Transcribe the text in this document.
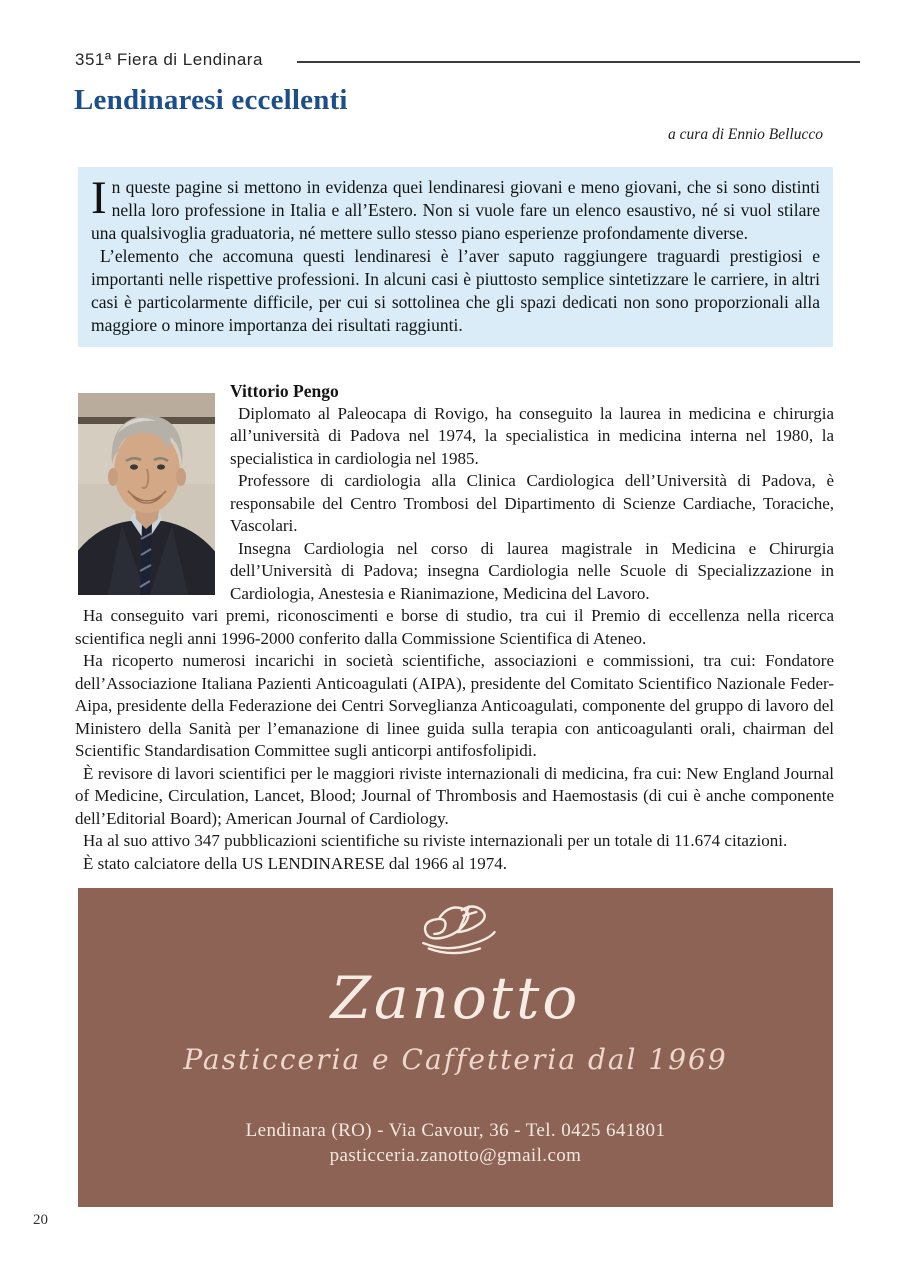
351ª Fiera di Lendinara
Lendinaresi eccellenti
a cura di Ennio Bellucco

In queste pagine si mettono in evidenza quei lendinaresi giovani e meno giovani, che si sono distinti nella loro professione in Italia e all’Estero. Non si vuole fare un elenco esaustivo, né si vuol stilare una qualsivoglia graduatoria, né mettere sullo stesso piano esperienze profondamente diverse.

L’elemento che accomuna questi lendinaresi è l’aver saputo raggiungere traguardi prestigiosi e importanti nelle rispettive professioni. In alcuni casi è piuttosto semplice sintetizzare le carriere, in altri casi è particolarmente difficile, per cui si sottolinea che gli spazi dedicati non sono proporzionali alla maggiore o minore importanza dei risultati raggiunti.

Vittorio Pengo

Diplomato al Paleocapa di Rovigo, ha conseguito la laurea in medicina e chirurgia all’università di Padova nel 1974, la specialistica in medicina interna nel 1980, la specialistica in cardiologia nel 1985.

Professore di cardiologia alla Clinica Cardiologica dell’Università di Padova, è responsabile del Centro Trombosi del Dipartimento di Scienze Cardiache, Toraciche, Vascolari.

Insegna Cardiologia nel corso di laurea magistrale in Medicina e Chirurgia dell’Università di Padova; insegna Cardiologia nelle Scuole di Specializzazione in Cardiologia, Anestesia e Rianimazione, Medicina del Lavoro.

Ha conseguito vari premi, riconoscimenti e borse di studio, tra cui il Premio di eccellenza nella ricerca scientifica negli anni 1996-2000 conferito dalla Commissione Scientifica di Ateneo.

Ha ricoperto numerosi incarichi in società scientifiche, associazioni e commissioni, tra cui: Fondatore dell’Associazione Italiana Pazienti Anticoagulati (AIPA), presidente del Comitato Scientifico Nazionale Feder-Aipa, presidente della Federazione dei Centri Sorveglianza Anticoagulati, componente del gruppo di lavoro del Ministero della Sanità per l’emanazione di linee guida sulla terapia con anticoagulanti orali, chairman del Scientific Standardisation Committee sugli anticorpi antifosfolipidi.

È revisore di lavori scientifici per le maggiori riviste internazionali di medicina, fra cui: New England Journal of Medicine, Circulation, Lancet, Blood; Journal of Thrombosis and Haemostasis (di cui è anche componente dell’Editorial Board); American Journal of Cardiology.

Ha al suo attivo 347 pubblicazioni scientifiche su riviste internazionali per un totale di 11.674 citazioni.

È stato calciatore della US LENDINARESE dal 1966 al 1974.

Zanotto
Pasticceria e Caffetteria dal 1969
Lendinara (RO) - Via Cavour, 36 - Tel. 0425 641801
pasticceria.zanotto@gmail.com
20
